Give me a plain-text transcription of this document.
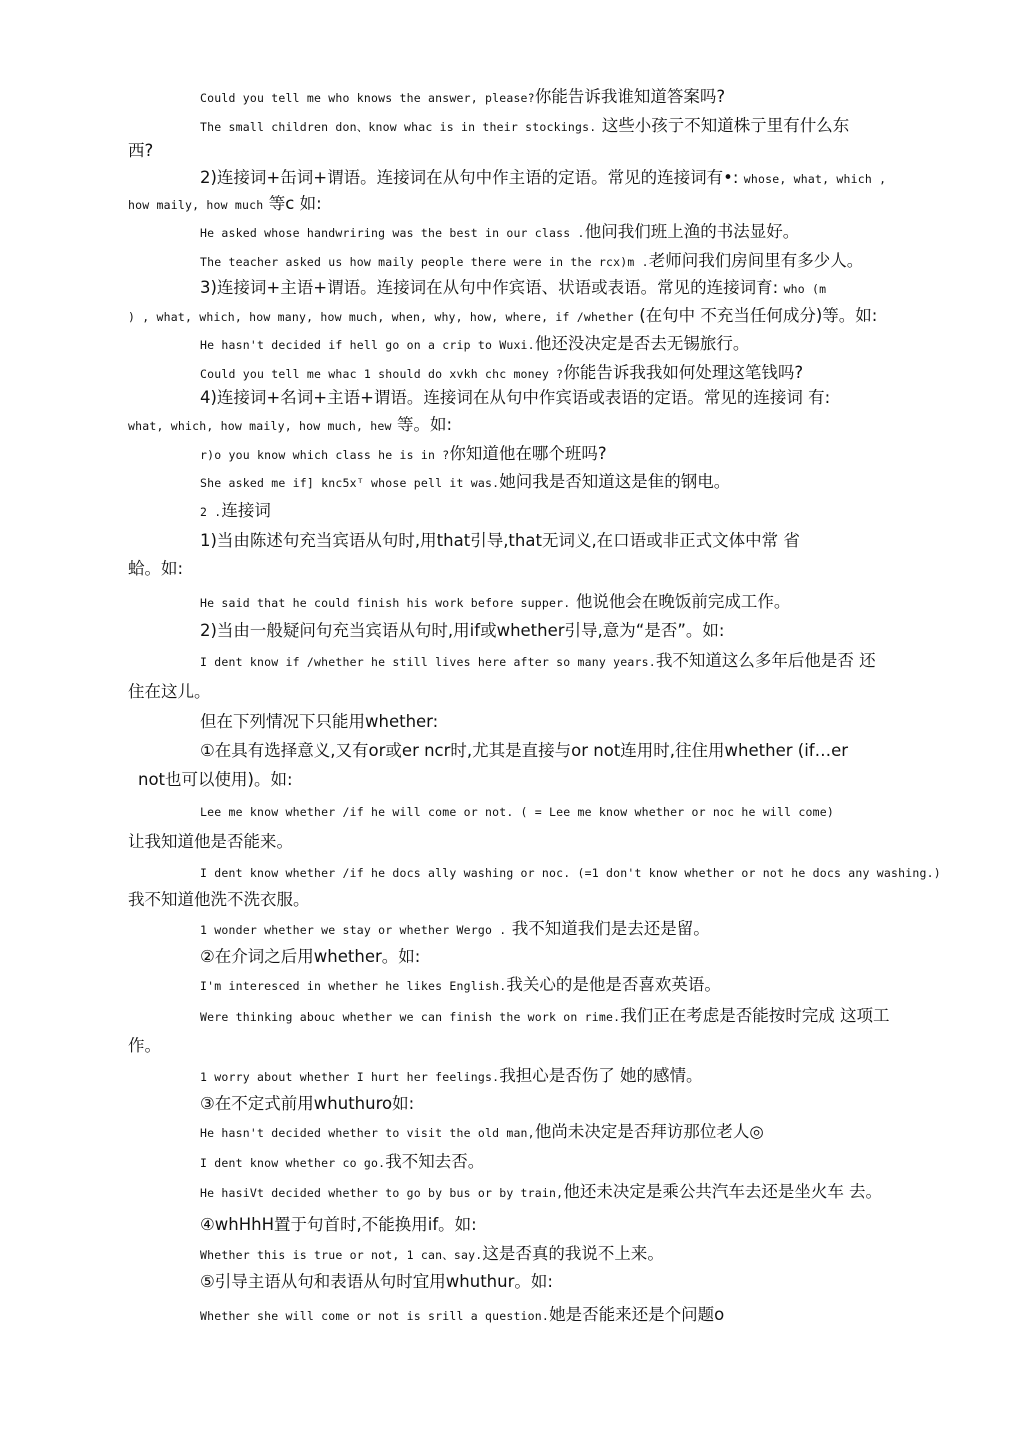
Could you tell me who knows the answer, please?你能告诉我谁知道答案吗?
The small children don、know whac is in their stockings. 这些小孩亍不知道株亍里有什么东
西?
2)连接词+缶词+谓语。连接词在从句中作主语的定语。常见的连接词有•: whose, what, which ,
how maily, how much 等c 如:
He asked whose handwriring was the best in our class .他问我们班上渔的书法显好。
The teacher asked us how maily people there were in the rcx)m .老师问我们房间里有多少人。
3)连接词+主语+谓语。连接词在从句中作宾语、状语或表语。常见的连接词育: who (m
) , what, which, how many, how much, when, why, how, where, if /whether (在句中 不充当任何成分)等。如:
He hasn't decided if hell go on a crip to Wuxi.他还没决定是否去无锡旅行。
Could you tell me whac 1 should do xvkh chc money ?你能告诉我我如何处理这笔钱吗?
4)连接词+名词+主语+谓语。连接词在从句中作宾语或表语的定语。常见的连接词 有:
what, which, how maily, how much, hew 等。如:
r)o you know which class he is in ?你知道他在哪个班吗?
She asked me if] knc5xᵀ whose pell it was.她问我是否知道这是隹的钢电。
2 .连接词
1)当由陈述句充当宾语从句时,用that引导,that无词义,在口语或非正式文体中常 省
蛤。如:
He said that he could finish his work before supper. 他说他会在晚饭前完成工作。
2)当由一般疑问句充当宾语从句时,用if或whether引导,意为“是否”。如:
I dent know if /whether he still lives here after so many years.我不知道这么多年后他是否 还
住在这儿。
但在下列情况下只能用whether:
①在具有选择意义,又有or或er ncr时,尤其是直接与or not连用时,往住用whether (if…er
not也可以使用)。如:
Lee me know whether /if he will come or not. ( = Lee me know whether or noc he will come)
让我知道他是否能来。
I dent know whether /if he docs ally washing or noc. (=1 don't know whether or not he docs any washing.)
我不知道他洗不洗衣服。
1 wonder whether we stay or whether Wergo . 我不知道我们是去还是留。
②在介词之后用whether。如:
I'm interesced in whether he likes English.我关心的是他是否喜欢英语。
Were thinking abouc whether we can finish the work on rime.我们正在考虑是否能按时完成 这项工
作。
1 worry about whether I hurt her feelings.我担心是否伤了 她的感情。
③在不定式前用whuthuro如:
He hasn't decided whether to visit the old man,他尚未决定是否拜访那位老人◎
I dent know whether co go.我不知去否。
He hasiVt decided whether to go by bus or by train,他还未决定是乘公共汽车去还是坐火车 去。
④whHhH置于句首时,不能换用if。如:
Whether this is true or not, 1 can、say.这是否真的我说不上来。
⑤引导主语从句和表语从句时宜用whuthur。如:
Whether she will come or not is srill a question.她是否能来还是个问题o
